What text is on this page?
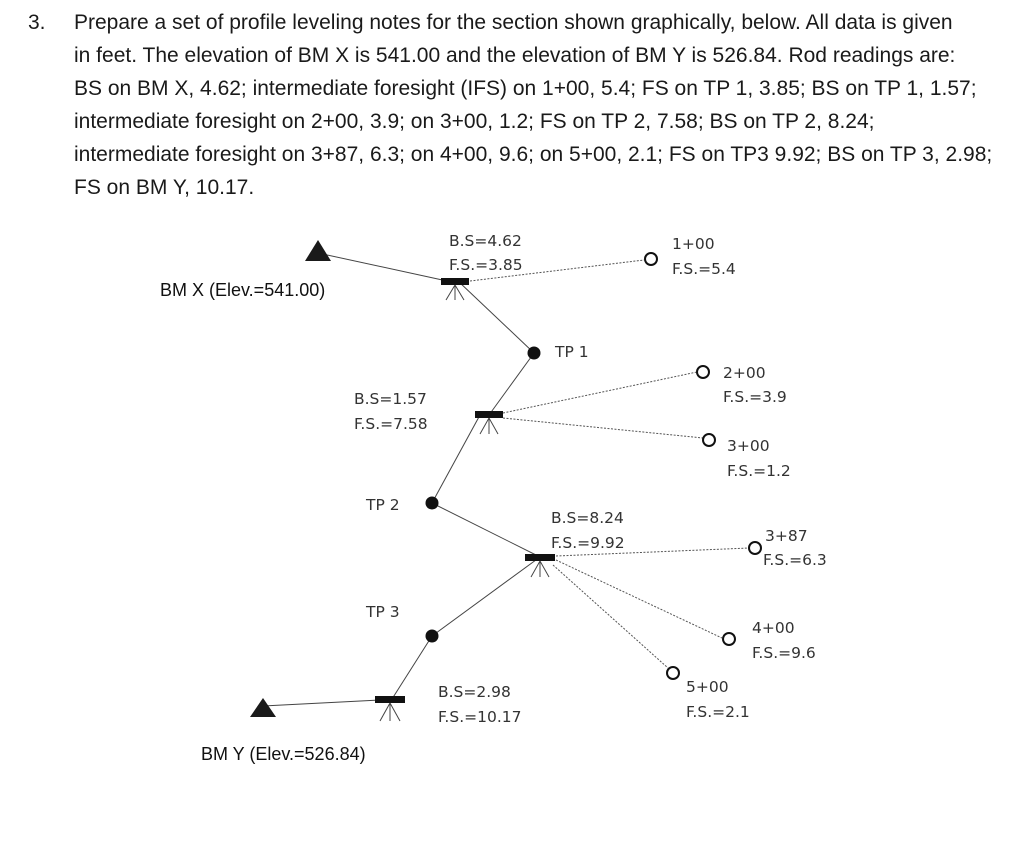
3. Prepare a set of profile leveling notes for the section shown graphically, below. All data is given
in feet. The elevation of BM X is 541.00 and the elevation of BM Y is 526.84. Rod readings are:
BS on BM X, 4.62; intermediate foresight (IFS) on 1+00, 5.4; FS on TP 1, 3.85; BS on TP 1, 1.57;
intermediate foresight on 2+00, 3.9; on 3+00, 1.2; FS on TP 2, 7.58; BS on TP 2, 8.24;
intermediate foresight on 3+87, 6.3; on 4+00, 9.6; on 5+00, 2.1; FS on TP3 9.92; BS on TP 3, 2.98;
FS on BM Y, 10.17.
BM X (Elev.=541.00)
BM Y (Elev.=526.84)
B.S=4.62
F.S.=3.85
B.S=1.57
F.S.=7.58
B.S=8.24
F.S.=9.92
B.S=2.98
F.S.=10.17
TP 1
TP 2
TP 3
1+00
F.S.=5.4
2+00
F.S.=3.9
3+00
F.S.=1.2
3+87
F.S.=6.3
4+00
F.S.=9.6
5+00
F.S.=2.1
